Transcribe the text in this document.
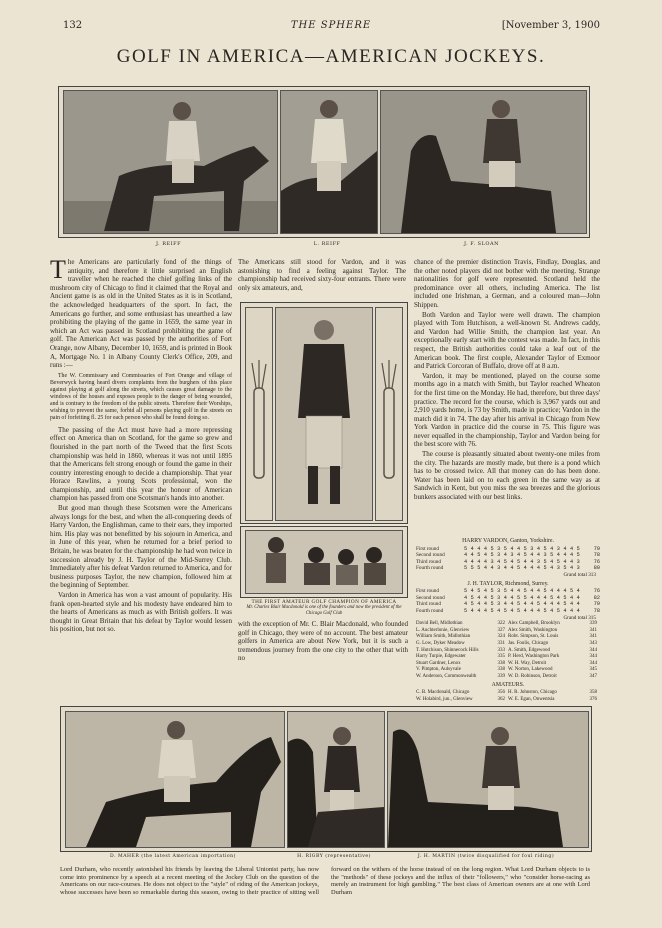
132	THE SPHERE	[November 3, 1900
GOLF IN AMERICA—AMERICAN JOCKEYS.
J. REIFF	L. REIFF	J. F. SLOAN

The Americans are particularly fond of the things of antiquity, and therefore it little surprised an English traveller when he reached the chief golfing links of the mushroom city of Chicago to find it claimed that the Royal and Ancient game is as old in the United States as it is in Scotland, the acknowledged headquarters of the sport. In fact, the Americans go further, and some enthusiast has unearthed a law prohibiting the playing of the game in 1659, the same year in which an Act was passed in Scotland prohibiting the game of golf. The American Act was passed by the authorities of Fort Orange, now Albany, December 10, 1659, and is printed in Book A, Mortgage No. 1 in Albany County Clerk's Office, 209, and runs :—

The W. Commissary and Commissaries of Fort Orange and village of Beverwyck having heard divers complaints from the burghers of this place against playing at golf along the streets, which causes great damage to the windows of the houses and exposes people to the danger of being wounded, and is contrary to the freedom of the public streets. Therefore their Worships, wishing to prevent the same, forbid all persons playing golf in the streets on pain of forfeiting fl. 25 for each person who shall be found doing so.

The passing of the Act must have had a more repressing effect on America than on Scotland, for the game so grew and flourished in the part north of the Tweed that the first Scots championship was held in 1860, whereas it was not until 1895 that the Americans felt strong enough or found the game in their country interesting enough to decide a championship. That year Horace Rawlins, a young Scots professional, won the championship, and until this year the honour of American champion has passed from one Scotsman's hands into another.

But good man though these Scotsmen were the Americans always longs for the best, and when the all-conquering deeds of Harry Vardon, the Englishman, came to their ears, they imported him. His play was not benefitted by his sojourn in America, and in June of this year, when he returned for a brief period to Britain, he was beaten for the championship he had won twice in succession already by J. H. Taylor of the Mid-Surrey Club. Immediately after his defeat Vardon returned to America, and for business purposes Taylor, the new champion, followed him at the beginning of September.

Vardon in America has won a vast amount of popularity. His frank open-hearted style and his modesty have endeared him to the hearts of Americans as much as with British golfers. It was thought in Great Britain that his defeat by Taylor would lessen his position, but not so.

The Americans still stood for Vardon, and it was astonishing to find a feeling against Taylor. The championship had received sixty-four entrants. There were only six amateurs, and,

THE FIRST AMATEUR GOLF CHAMPION OF AMERICA
Mr. Charles Blair Macdonald is one of the founders and now the president of the Chicago Golf Club

with the exception of Mr. C. Blair Macdonald, who founded golf in Chicago, they were of no account. The best amateur golfers in America are about New York, but it is such a tremendous journey from the one city to the other that with no

chance of the premier distinction Travis, Findlay, Douglas, and the other noted players did not bother with the meeting. Strange nationalities for golf were represented. Scotland held the predominance over all others, including America. The list included one Irishman, a German, and a coloured man—John Shippen.

Both Vardon and Taylor were well drawn. The champion played with Tom Hutchison, a well-known St. Andrews caddy, and Vardon had Willie Smith, the champion last year. An exceptionally early start with the contest was made. In fact, in this respect, the British authorities could take a leaf out of the American book. The first couple, Alexander Taylor of Exmoor and Patrick Corcoran of Buffalo, drove off at 8 a.m.

Vardon, it may be mentioned, played on the course some months ago in a match with Smith, but Taylor reached Wheaton for the first time on the Monday. He had, therefore, but three days' practice. The record for the course, which is 3,967 yards out and 2,910 yards home, is 73 by Smith, made in practice; Vardon in the match did it in 74. The day after his arrival in Chicago from New York Vardon in practice did the course in 75. This figure was never equalled in the championship, Taylor and Vardon being for the best score with 76.

The course is pleasantly situated about twenty-one miles from the city. The hazards are mostly made, but there is a pond which has to be crossed twice. All that money can do has been done. Water has been laid on to each green in the same way as at Sandwich in Kent, but you miss the sea breezes and the glorious bunkers associated with our best links.

HARRY VARDON, Ganton, Yorkshire.
First round	5 4 4 4 5 3 5 4 4 5 3 4 5 4 3 4 4 5	79
Second round	4 4 5 4 5 3 4 3 4 5 4 4 3 5 4 4 4 5	78
Third round	4 4 4 4 3 4 5 4 5 4 4 3 5 4 5 4 4 3	76
Fourth round	5 5 5 4 4 3 4 4 5 4 4 4 5 4 3 5 4 3	80
Grand total 313
J. H. TAYLOR, Richmond, Surrey.
First round	5 4 5 4 5 3 5 4 4 5 4 4 5 4 4 4 5 4	76
Second round	4 5 4 4 5 3 4 4 5 5 4 4 4 5 4 5 4 4	82
Third round	4 5 4 4 5 3 4 4 5 4 4 5 4 4 4 5 4 4	79
Fourth round	5 4 4 4 5 4 5 4 5 4 4 4 5 4 5 4 4 4	78
Grand total 315
David Bell, Midlothian	322
L. Auchterlonie, Glenview	327
William Smith, Midlothian	324
G. Low, Dyker Meadow	331
T. Hutchison, Shinnecock Hills	333
Harry Turpie, Edgewater	335
Stuart Gardner, Lenox	338
V. Pimpton, Aulsyvale	338
W. Anderson, Commonwealth	339
Alex Campbell, Brooklyn	339
Alex Smith, Washington	341
Robt. Simpson, St. Louis	341
Jas. Foulis, Chicago	343
A. Smith, Edgewood	344
P. Herd, Washington Park	344
W. H. Way, Detroit	344
W. Norton, Lakewood	345
W. D. Robinson, Detroit	347
AMATEURS.
C. B. Macdonald, Chicago	356
W. Holabird, jun., Glenview	362
H. R. Johnston, Chicago	358
W. E. Egan, Onwentsia	376
D. MAHER (the latest American importation)	H. RIGBY (representative)	J. H. MARTIN (twice disqualified for foul riding)
Lord Durham, who recently astonished his friends by leaving the Liberal Unionist party, has now come into prominence by a speech at a recent meeting of the Jockey Club on the question of the Americans on our race-courses. He does not object to the "style" of riding of the American jockeys, whose successes have been so remarkable during this season, owing to their practice of sitting well forward on the withers of the horse instead of on the long region. What Lord Durham objects to is the "methods" of these jockeys and the influx of their "followers," who "consider horse-racing as merely an instrument for high gambling." The best class of American owners are at one with Lord Durham
